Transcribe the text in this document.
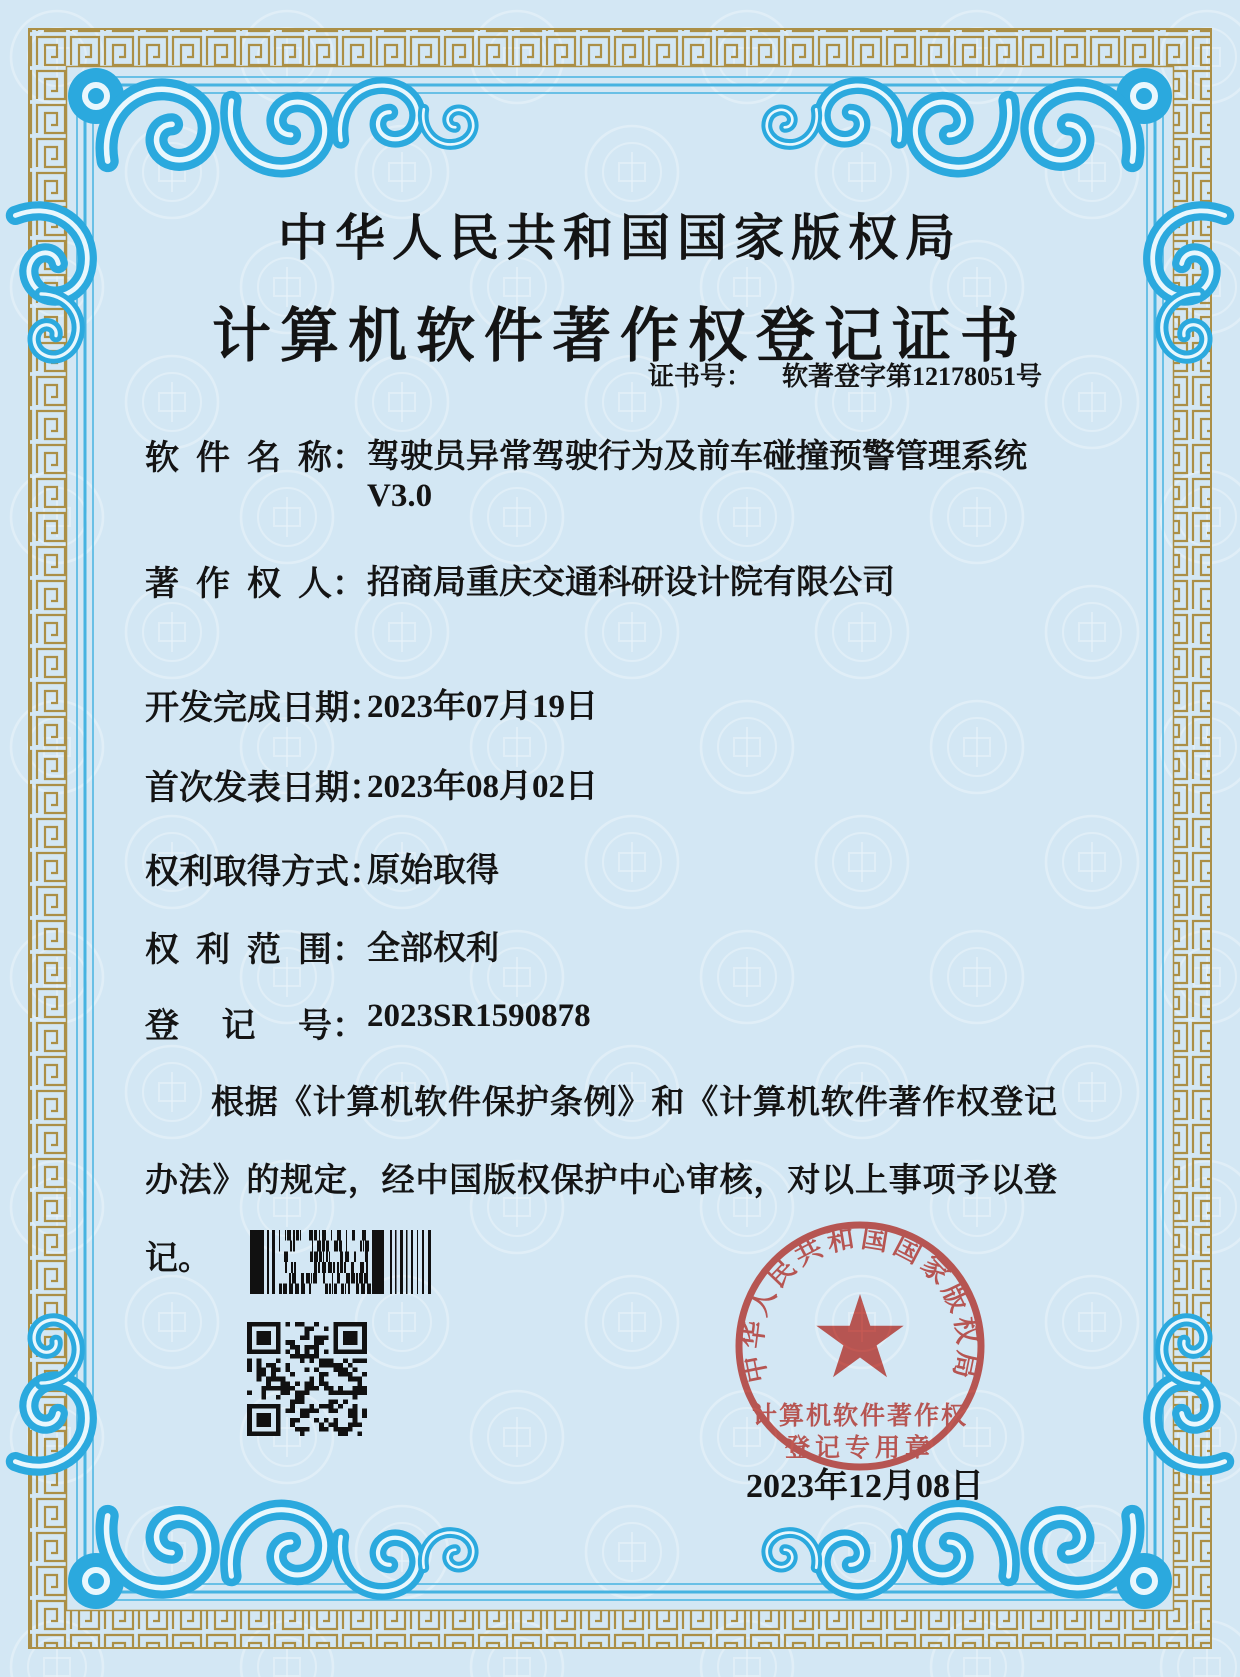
中华人民共和国国家版权局
计算机软件著作权登记证书
证书号： 软著登字第12178051号
软  件  名  称： 驾驶员异常驾驶行为及前车碰撞预警管理系统
V3.0
著  作  权  人： 招商局重庆交通科研设计院有限公司
开发完成日期：
2023年07月19日
首次发表日期：
2023年08月02日
权利取得方式：
原始取得
权  利  范  围： 全部权利
登　 记　 号： 2023SR1590878
根据《计算机软件保护条例》和《计算机软件著作权登记办法》的规定，经中国版权保护中心审核，对以上事项予以登记。
2023年12月08日
中华人民共和国国家版权局
计算机软件著作权
登记专用章
